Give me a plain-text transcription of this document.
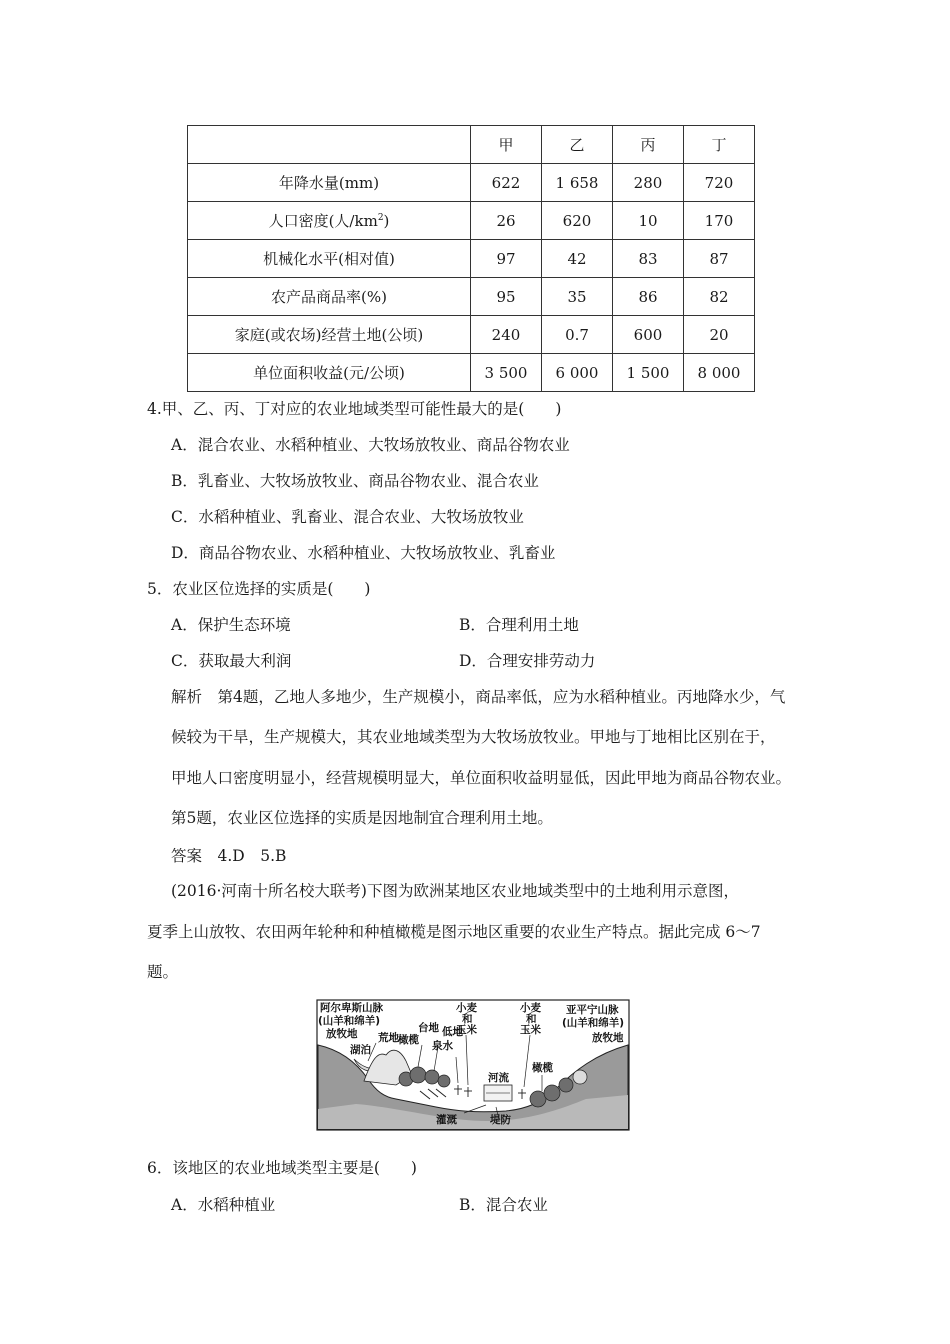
	甲	乙	丙	丁
年降水量(mm)	622	1 658	280	720
人口密度(人$/km^2$)	26	620	10	170
机械化水平(相对值)	97	42	83	87
农产品商品率(%)	95	35	86	82
家庭(或农场)经营土地(公顷)	240	0.7	600	20
单位面积收益(元/公顷)	3 500	6 000	1 500	8 000
4.甲、乙、丙、丁对应的农业地域类型可能性最大的是(　　)
A．混合农业、水稻种植业、大牧场放牧业、商品谷物农业
B．乳畜业、大牧场放牧业、商品谷物农业、混合农业
C．水稻种植业、乳畜业、混合农业、大牧场放牧业
D．商品谷物农业、水稻种植业、大牧场放牧业、乳畜业
5．农业区位选择的实质是(　　)
A．保护生态环境	B．合理利用土地
C．获取最大利润	D．合理安排劳动力
解析　第4题，乙地人多地少，生产规模小，商品率低，应为水稻种植业。丙地降水少，气
候较为干旱，生产规模大，其农业地域类型为大牧场放牧业。甲地与丁地相比区别在于，
甲地人口密度明显小，经营规模明显大，单位面积收益明显低，因此甲地为商品谷物农业。
第5题，农业区位选择的实质是因地制宜合理利用土地。
答案　4.D　5.B
(2016·河南十所名校大联考)下图为欧洲某地区农业地域类型中的土地利用示意图，
夏季上山放牧、农田两年轮种和种植橄榄是图示地区重要的农业生产特点。据此完成 6～7
题。
阿尔卑斯山脉
(山羊和绵羊)
放牧地
湖泊
荒地 橄榄
台地
泉水
低地
小麦
和
玉米
河流
小麦
和
玉米
橄榄
亚平宁山脉
(山羊和绵羊)
放牧地
灌溉	堤防
6．该地区的农业地域类型主要是(　　)
A．水稻种植业	B．混合农业
